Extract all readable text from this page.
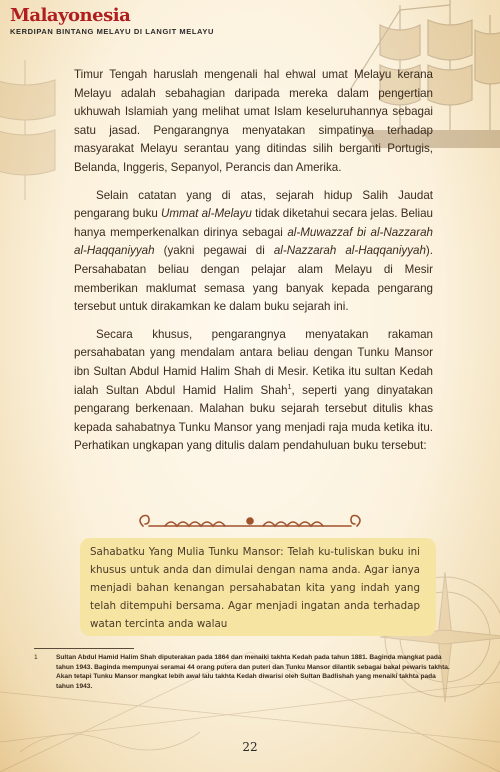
Malayonesia
KERDIPAN BINTANG MELAYU DI LANGIT MELAYU

Timur Tengah haruslah mengenali hal ehwal umat Melayu kerana Melayu adalah sebahagian daripada mereka dalam pengertian ukhuwah Islamiah yang melihat umat Islam keseluruhannya sebagai satu jasad. Pengarangnya menyatakan simpatinya terhadap masyarakat Melayu serantau yang ditindas silih berganti Portugis, Belanda, Inggeris, Sepanyol, Perancis dan Amerika.

Selain catatan yang di atas, sejarah hidup Salih Jaudat pengarang buku Ummat al-Melayu tidak diketahui secara jelas. Beliau hanya memperkenalkan dirinya sebagai al-Muwazzaf bi al-Nazzarah al-Haqqaniyyah (yakni pegawai di al-Nazzarah al-Haqqaniyyah). Persahabatan beliau dengan pelajar alam Melayu di Mesir memberikan maklumat semasa yang banyak kepada pengarang tersebut untuk dirakamkan ke dalam buku sejarah ini.

Secara khusus, pengarangnya menyatakan rakaman persahabatan yang mendalam antara beliau dengan Tunku Mansor ibn Sultan Abdul Hamid Halim Shah di Mesir. Ketika itu sultan Kedah ialah Sultan Abdul Hamid Halim Shah$^1$, seperti yang dinyatakan pengarang berkenaan. Malahan buku sejarah tersebut ditulis khas kepada sahabatnya Tunku Mansor yang menjadi raja muda ketika itu. Perhatikan ungkapan yang ditulis dalam pendahuluan buku tersebut:

Sahabatku Yang Mulia Tunku Mansor: Telah ku-tuliskan buku ini khusus untuk anda dan dimulai dengan nama anda. Agar ianya menjadi bahan kenangan persahabatan kita yang indah yang telah ditempuhi bersama. Agar menjadi ingatan anda terhadap watan tercinta anda walau
1	Sultan Abdul Hamid Halim Shah diputerakan pada 1864 dan menaiki takhta Kedah pada tahun 1881. Baginda mangkat pada tahun 1943. Baginda mempunyai seramai 44 orang putera dan puteri dan Tunku Mansor dilantik sebagai bakal pewaris takhta. Akan tetapi Tunku Mansor mangkat lebih awal lalu takhta Kedah diwarisi oleh Sultan Badlishah yang menaiki takhta pada tahun 1943.
22
